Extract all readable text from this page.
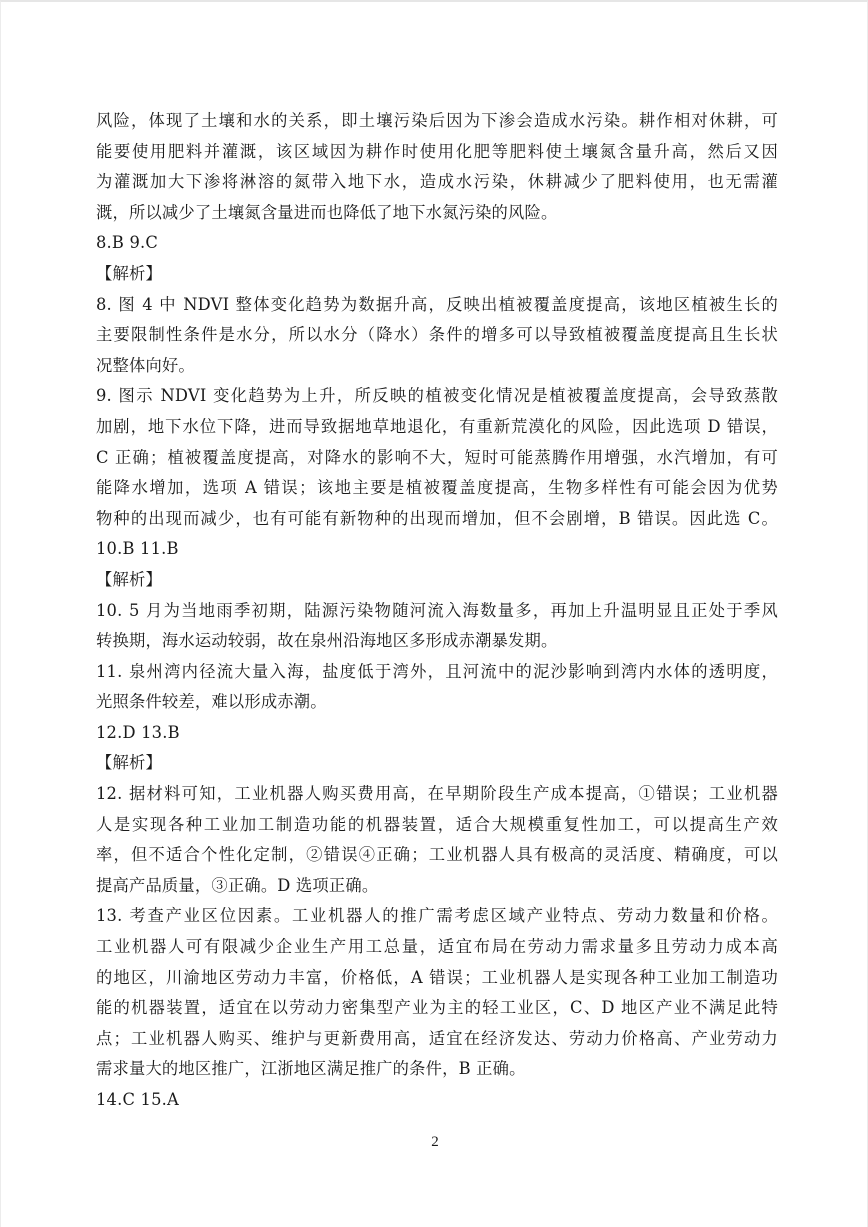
风险，体现了土壤和水的关系，即土壤污染后因为下渗会造成水污染。耕作相对休耕，可
能要使用肥料并灌溉，该区域因为耕作时使用化肥等肥料使土壤氮含量升高，然后又因
为灌溉加大下渗将淋溶的氮带入地下水，造成水污染，休耕减少了肥料使用，也无需灌
溉，所以减少了土壤氮含量进而也降低了地下水氮污染的风险。
8.B 9.C
【解析】
8. 图 4 中 NDVI 整体变化趋势为数据升高，反映出植被覆盖度提高，该地区植被生长的
主要限制性条件是水分，所以水分（降水）条件的增多可以导致植被覆盖度提高且生长状
况整体向好。
9. 图示 NDVI 变化趋势为上升，所反映的植被变化情况是植被覆盖度提高，会导致蒸散
加剧，地下水位下降，进而导致据地草地退化，有重新荒漠化的风险，因此选项 D 错误，
C 正确；植被覆盖度提高，对降水的影响不大，短时可能蒸腾作用增强，水汽增加，有可
能降水增加，选项 A 错误；该地主要是植被覆盖度提高，生物多样性有可能会因为优势
物种的出现而减少，也有可能有新物种的出现而增加，但不会剧增，B 错误。因此选 C。
10.B 11.B
【解析】
10. 5 月为当地雨季初期，陆源污染物随河流入海数量多，再加上升温明显且正处于季风
转换期，海水运动较弱，故在泉州沿海地区多形成赤潮暴发期。
11. 泉州湾内径流大量入海，盐度低于湾外，且河流中的泥沙影响到湾内水体的透明度，
光照条件较差，难以形成赤潮。
12.D 13.B
【解析】
12. 据材料可知，工业机器人购买费用高，在早期阶段生产成本提高，①错误；工业机器
人是实现各种工业加工制造功能的机器装置，适合大规模重复性加工，可以提高生产效
率，但不适合个性化定制，②错误④正确；工业机器人具有极高的灵活度、精确度，可以
提高产品质量，③正确。D 选项正确。
13. 考查产业区位因素。工业机器人的推广需考虑区域产业特点、劳动力数量和价格。
工业机器人可有限减少企业生产用工总量，适宜布局在劳动力需求量多且劳动力成本高
的地区，川渝地区劳动力丰富，价格低，A 错误；工业机器人是实现各种工业加工制造功
能的机器装置，适宜在以劳动力密集型产业为主的轻工业区，C、D 地区产业不满足此特
点；工业机器人购买、维护与更新费用高，适宜在经济发达、劳动力价格高、产业劳动力
需求量大的地区推广，江浙地区满足推广的条件，B 正确。
14.C 15.A
2
